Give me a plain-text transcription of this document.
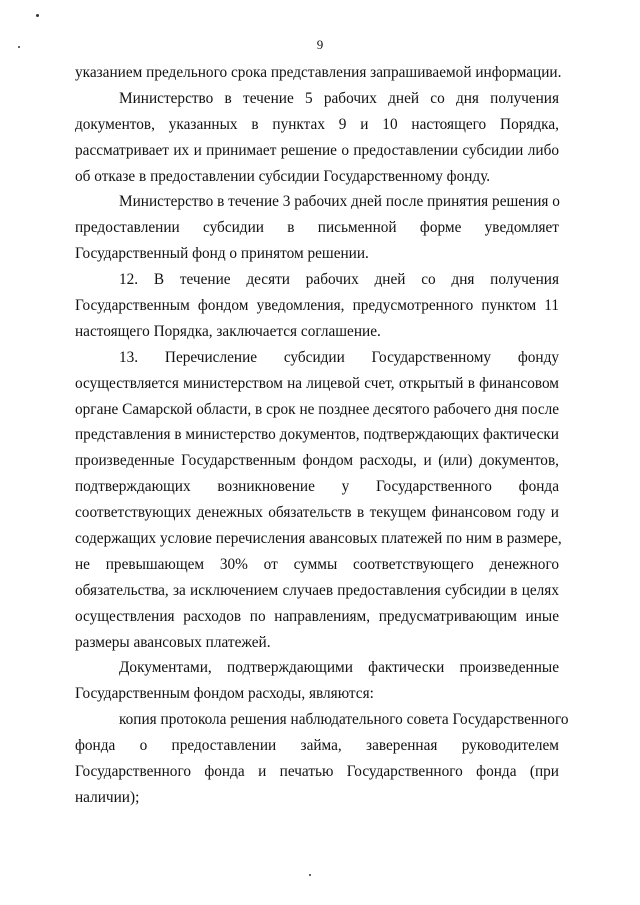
9
указанием предельного срока представления запрашиваемой информации.
Министерство в течение 5 рабочих дней со дня получения
документов, указанных в пунктах 9 и 10 настоящего Порядка,
рассматривает их и принимает решение о предоставлении субсидии либо
об отказе в предоставлении субсидии Государственному фонду.
Министерство в течение 3 рабочих дней после принятия решения о
предоставлении субсидии в письменной форме уведомляет
Государственный фонд о принятом решении.
12. В течение десяти рабочих дней со дня получения
Государственным фондом уведомления, предусмотренного пунктом 11
настоящего Порядка, заключается соглашение.
13. Перечисление субсидии Государственному фонду
осуществляется министерством на лицевой счет, открытый в финансовом
органе Самарской области, в срок не позднее десятого рабочего дня после
представления в министерство документов, подтверждающих фактически
произведенные Государственным фондом расходы, и (или) документов,
подтверждающих возникновение у Государственного фонда
соответствующих денежных обязательств в текущем финансовом году и
содержащих условие перечисления авансовых платежей по ним в размере,
не превышающем 30% от суммы соответствующего денежного
обязательства, за исключением случаев предоставления субсидии в целях
осуществления расходов по направлениям, предусматривающим иные
размеры авансовых платежей.
Документами, подтверждающими фактически произведенные
Государственным фондом расходы, являются:
копия протокола решения наблюдательного совета Государственного
фонда о предоставлении займа, заверенная руководителем
Государственного фонда и печатью Государственного фонда (при
наличии);
